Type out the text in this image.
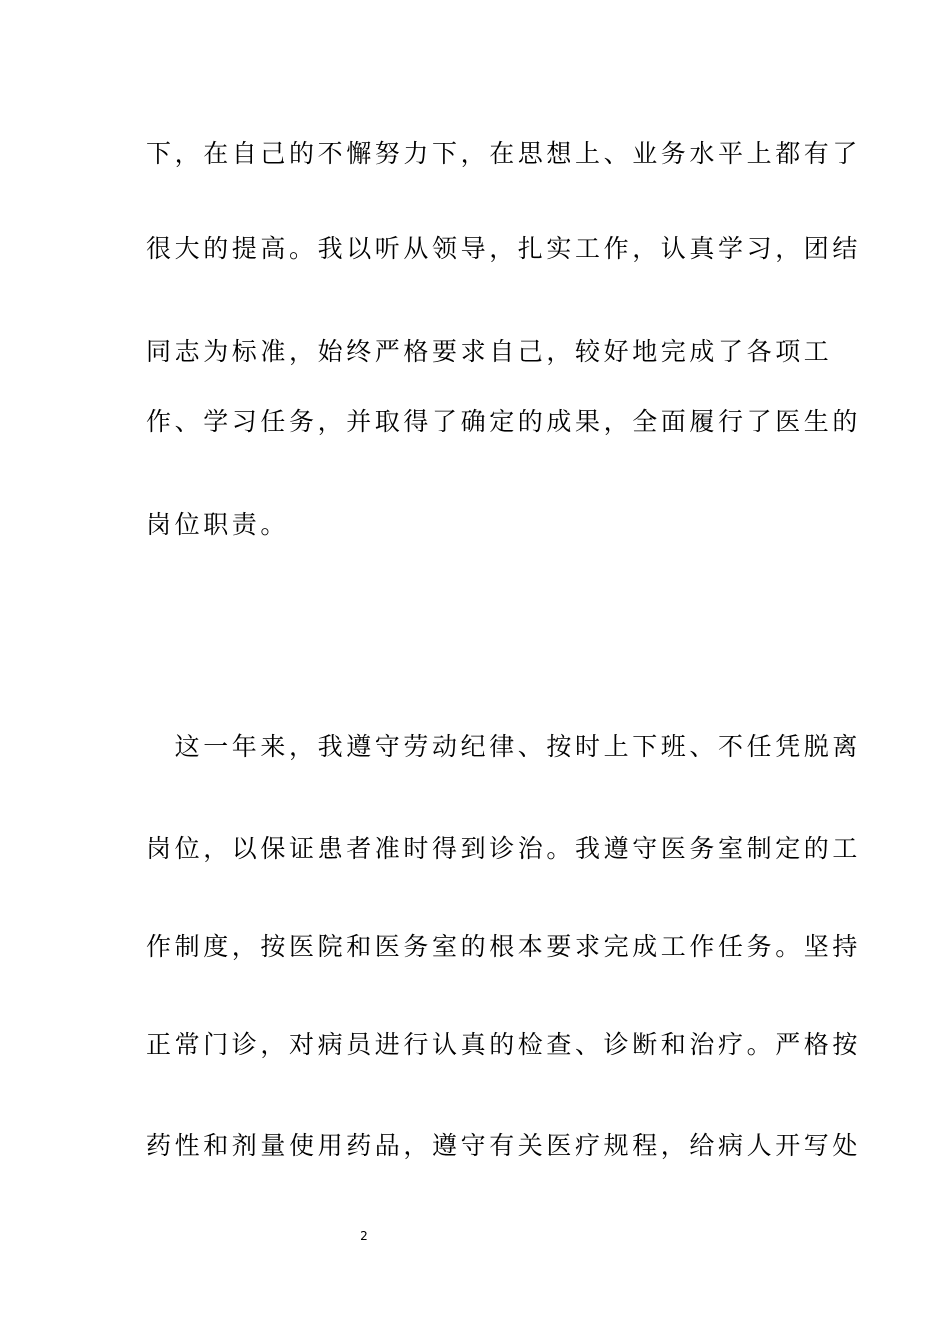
下，在自己的不懈努力下，在思想上、业务水平上都有了
很大的提高。我以听从领导，扎实工作，认真学习，团结
同志为标准，始终严格要求自己，较好地完成了各项工
作、学习任务，并取得了确定的成果，全面履行了医生的
岗位职责。
　这一年来，我遵守劳动纪律、按时上下班、不任凭脱离
岗位，以保证患者准时得到诊治。我遵守医务室制定的工
作制度，按医院和医务室的根本要求完成工作任务。坚持
正常门诊，对病员进行认真的检查、诊断和治疗。严格按
药性和剂量使用药品，遵守有关医疗规程，给病人开写处
2
